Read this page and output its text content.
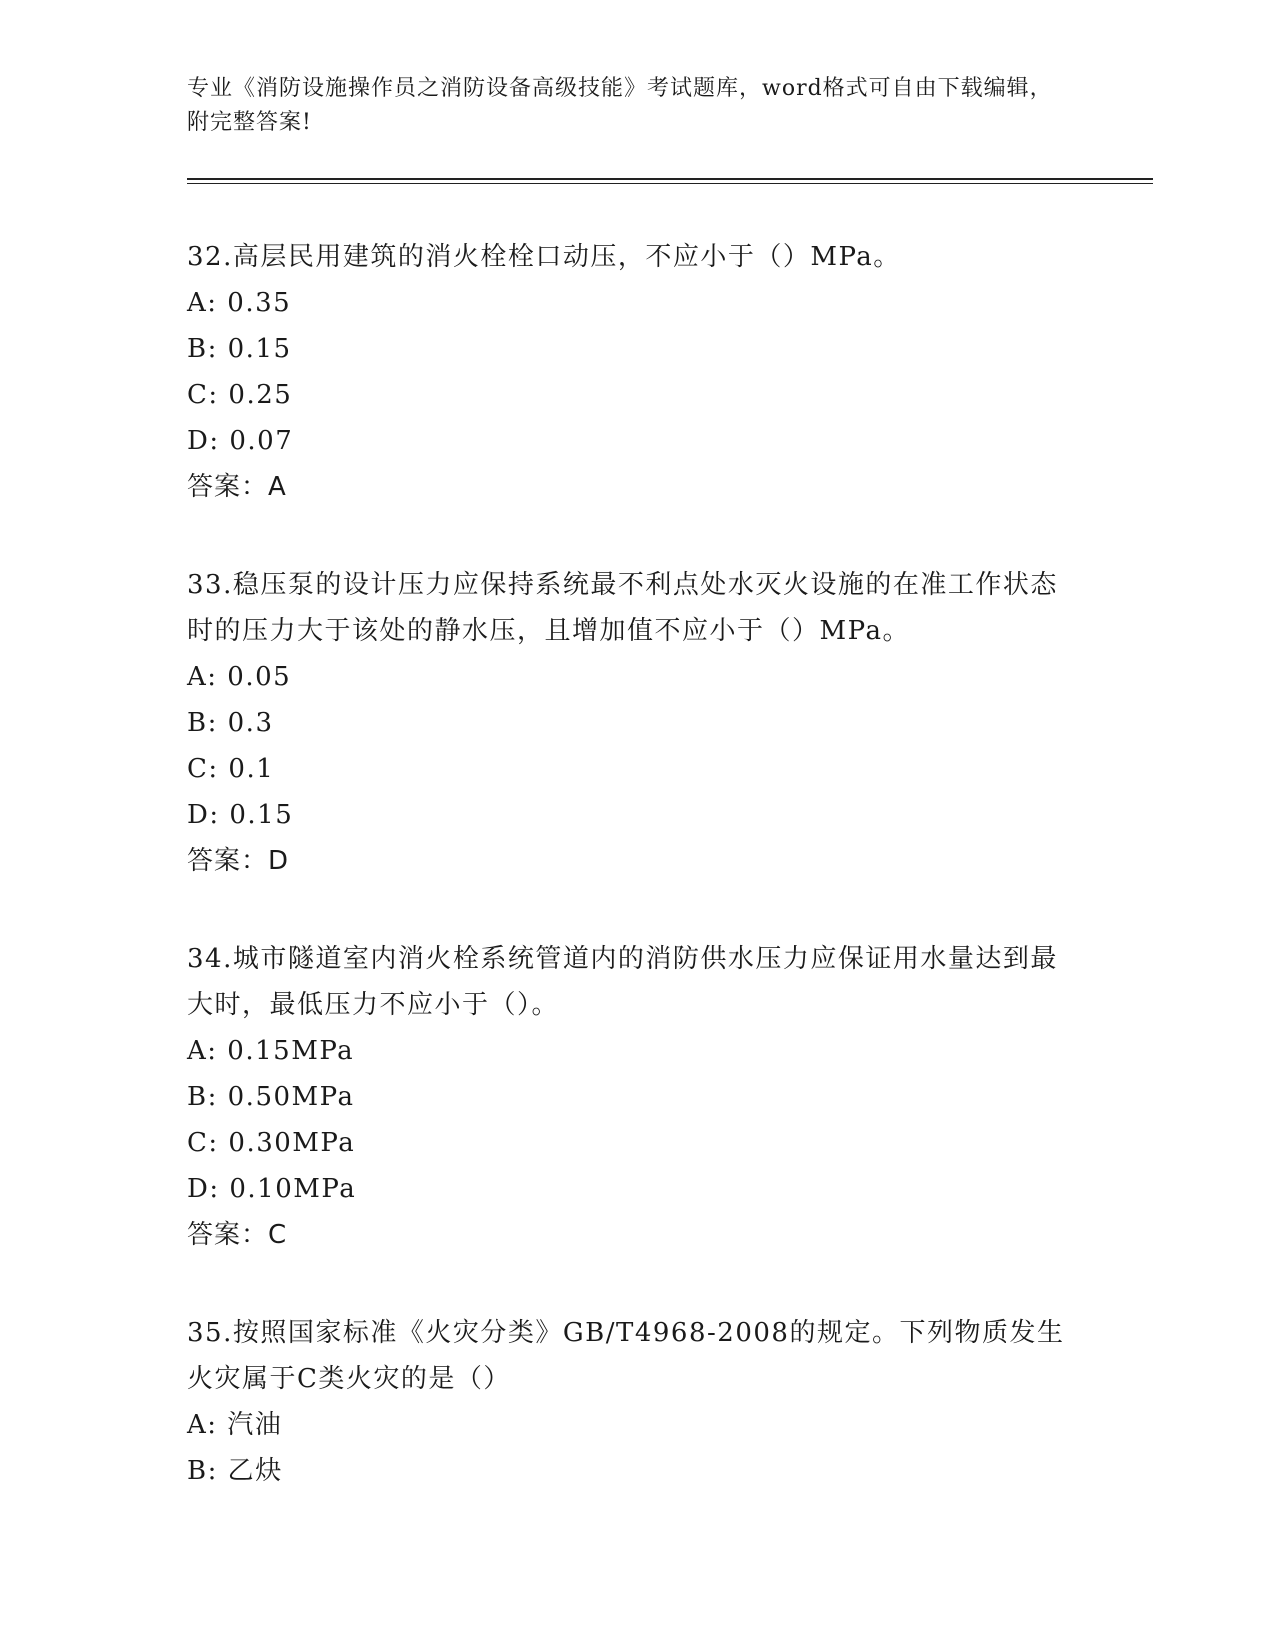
专业《消防设施操作员之消防设备高级技能》考试题库，word格式可自由下载编辑，附完整答案!
32.高层民用建筑的消火栓栓口动压，不应小于（）MPa。
A: 0.35
B: 0.15
C: 0.25
D: 0.07
答案：A
33.稳压泵的设计压力应保持系统最不利点处水灭火设施的在准工作状态时的压力大于该处的静水压，且增加值不应小于（）MPa。
A: 0.05
B: 0.3
C: 0.1
D: 0.15
答案：D
34.城市隧道室内消火栓系统管道内的消防供水压力应保证用水量达到最大时，最低压力不应小于（）。
A: 0.15MPa
B: 0.50MPa
C: 0.30MPa
D: 0.10MPa
答案：C
35.按照国家标准《火灾分类》GB/T4968-2008的规定。下列物质发生火灾属于C类火灾的是（）
A: 汽油
B: 乙炔
